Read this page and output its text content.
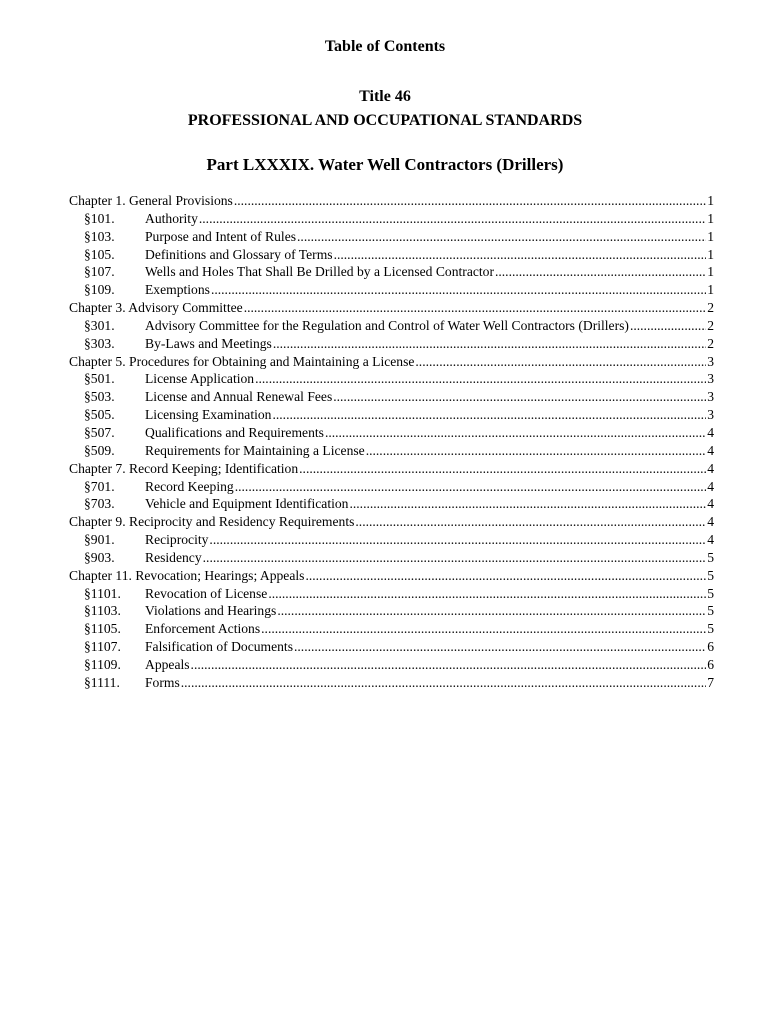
Table of Contents
Title 46
PROFESSIONAL AND OCCUPATIONAL STANDARDS
Part LXXXIX. Water Well Contractors (Drillers)
Chapter 1. General Provisions .....	1
§101.	Authority .....	1
§103.	Purpose and Intent of Rules .....	1
§105.	Definitions and Glossary of Terms .....	1
§107.	Wells and Holes That Shall Be Drilled by a Licensed Contractor .....	1
§109.	Exemptions .....	1
Chapter 3. Advisory Committee .....	2
§301.	Advisory Committee for the Regulation and Control of Water Well Contractors (Drillers) .....	2
§303.	By-Laws and Meetings .....	2
Chapter 5. Procedures for Obtaining and Maintaining a License .....	3
§501.	License Application .....	3
§503.	License and Annual Renewal Fees .....	3
§505.	Licensing Examination .....	3
§507.	Qualifications and Requirements .....	4
§509.	Requirements for Maintaining a License .....	4
Chapter 7. Record Keeping; Identification .....	4
§701.	Record Keeping .....	4
§703.	Vehicle and Equipment Identification .....	4
Chapter 9. Reciprocity and Residency Requirements .....	4
§901.	Reciprocity .....	4
§903.	Residency .....	5
Chapter 11. Revocation; Hearings; Appeals .....	5
§1101.	Revocation of License .....	5
§1103.	Violations and Hearings .....	5
§1105.	Enforcement Actions .....	5
§1107.	Falsification of Documents .....	6
§1109.	Appeals .....	6
§1111.	Forms .....	7
